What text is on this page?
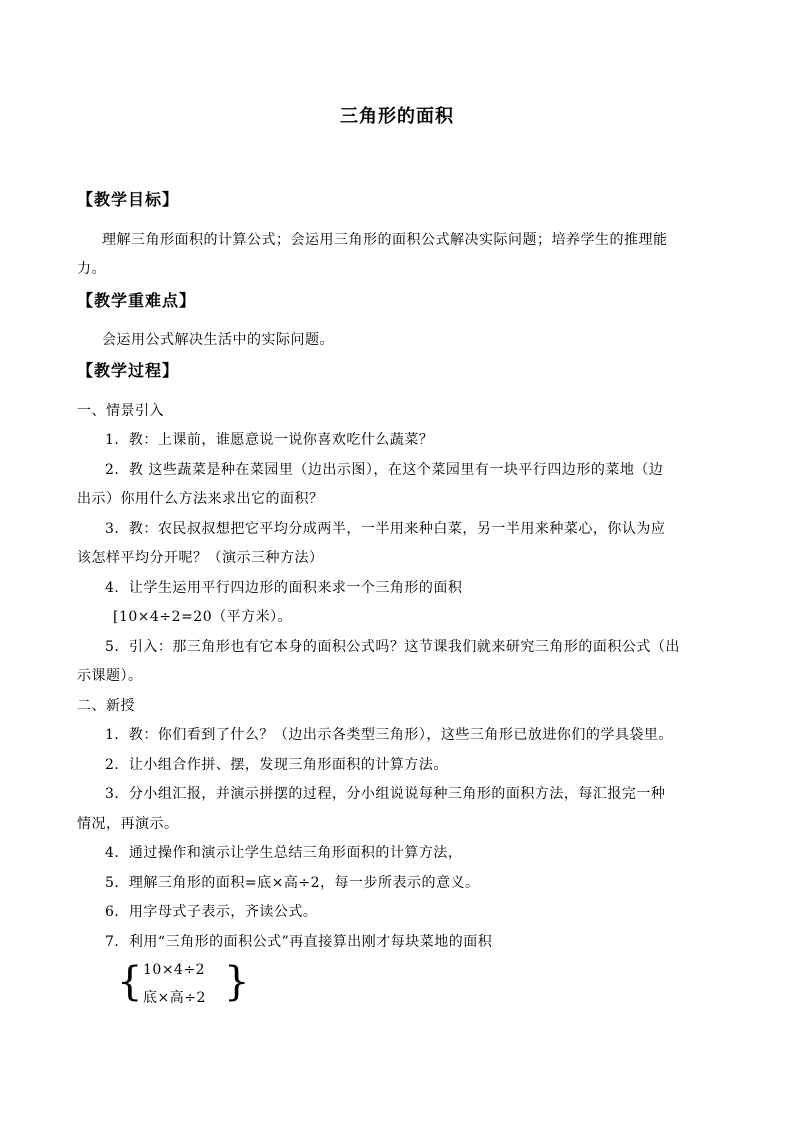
三角形的面积
【教学目标】
理解三角形面积的计算公式；会运用三角形的面积公式解决实际问题；培养学生的推理能
力。
【教学重难点】
会运用公式解决生活中的实际问题。
【教学过程】
一、情景引入
1．教：上课前，谁愿意说一说你喜欢吃什么蔬菜？
2．教 这些蔬菜是种在菜园里（边出示图），在这个菜园里有一块平行四边形的菜地（边
出示）你用什么方法来求出它的面积？
3．教：农民叔叔想把它平均分成两半，一半用来种白菜，另一半用来种菜心，你认为应
该怎样平均分开呢？（演示三种方法）
4．让学生运用平行四边形的面积来求一个三角形的面积
[10×4÷2=20（平方米）。
5．引入：那三角形也有它本身的面积公式吗？这节课我们就来研究三角形的面积公式（出
示课题）。
二、新授
1．教：你们看到了什么？（边出示各类型三角形），这些三角形已放进你们的学具袋里。
2．让小组合作拼、摆，发现三角形面积的计算方法。
3．分小组汇报，并演示拼摆的过程，分小组说说每种三角形的面积方法，每汇报完一种
情况，再演示。
4．通过操作和演示让学生总结三角形面积的计算方法，
5．理解三角形的面积=底×高÷2，每一步所表示的意义。
6．用字母式子表示，齐读公式。
7．利用“三角形的面积公式”再直接算出刚才每块菜地的面积
{ 10×4÷2
底×高÷2 }
